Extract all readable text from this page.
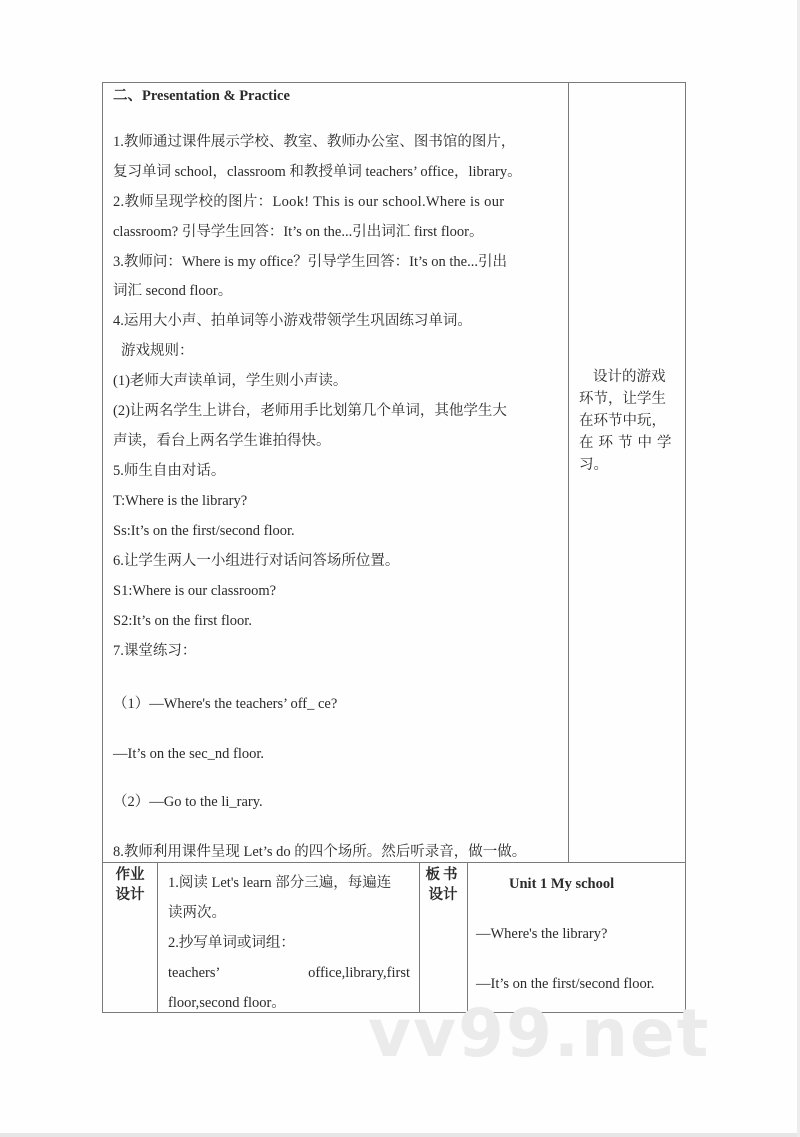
二、Presentation & Practice
1.教师通过课件展示学校、教室、教师办公室、图书馆的图片，
复习单词 school，classroom 和教授单词 teachers’ office，library。
2.教师呈现学校的图片：Look! This is our school.Where is our
classroom? 引导学生回答：It’s on the...引出词汇 first floor。
3.教师问：Where is my office？引导学生回答：It’s on the...引出
词汇 second floor。
4.运用大小声、拍单词等小游戏带领学生巩固练习单词。
游戏规则：
(1)老师大声读单词，学生则小声读。
(2)让两名学生上讲台，老师用手比划第几个单词，其他学生大
声读，看台上两名学生谁拍得快。
5.师生自由对话。
T:Where is the library?
Ss:It’s on the first/second floor.
6.让学生两人一小组进行对话问答场所位置。
S1:Where is our classroom?
S2:It’s on the first floor.
7.课堂练习：
（1）—Where's the teachers’ off_ ce?
—It’s on the sec_nd floor.
（2）—Go to the li_rary.
8.教师利用课件呈现 Let’s do 的四个场所。然后听录音，做一做。
设计的游戏
环节，让学生
在环节中玩，
在环节中学
习。
作业
设计
1.阅读 Let's learn 部分三遍，每遍连
读两次。
2.抄写单词或词组：
teachers’	office,library,first
floor,second floor。
板书
设计
Unit 1 My school
—Where's the library?
—It’s on the first/second floor.
vv99.net
